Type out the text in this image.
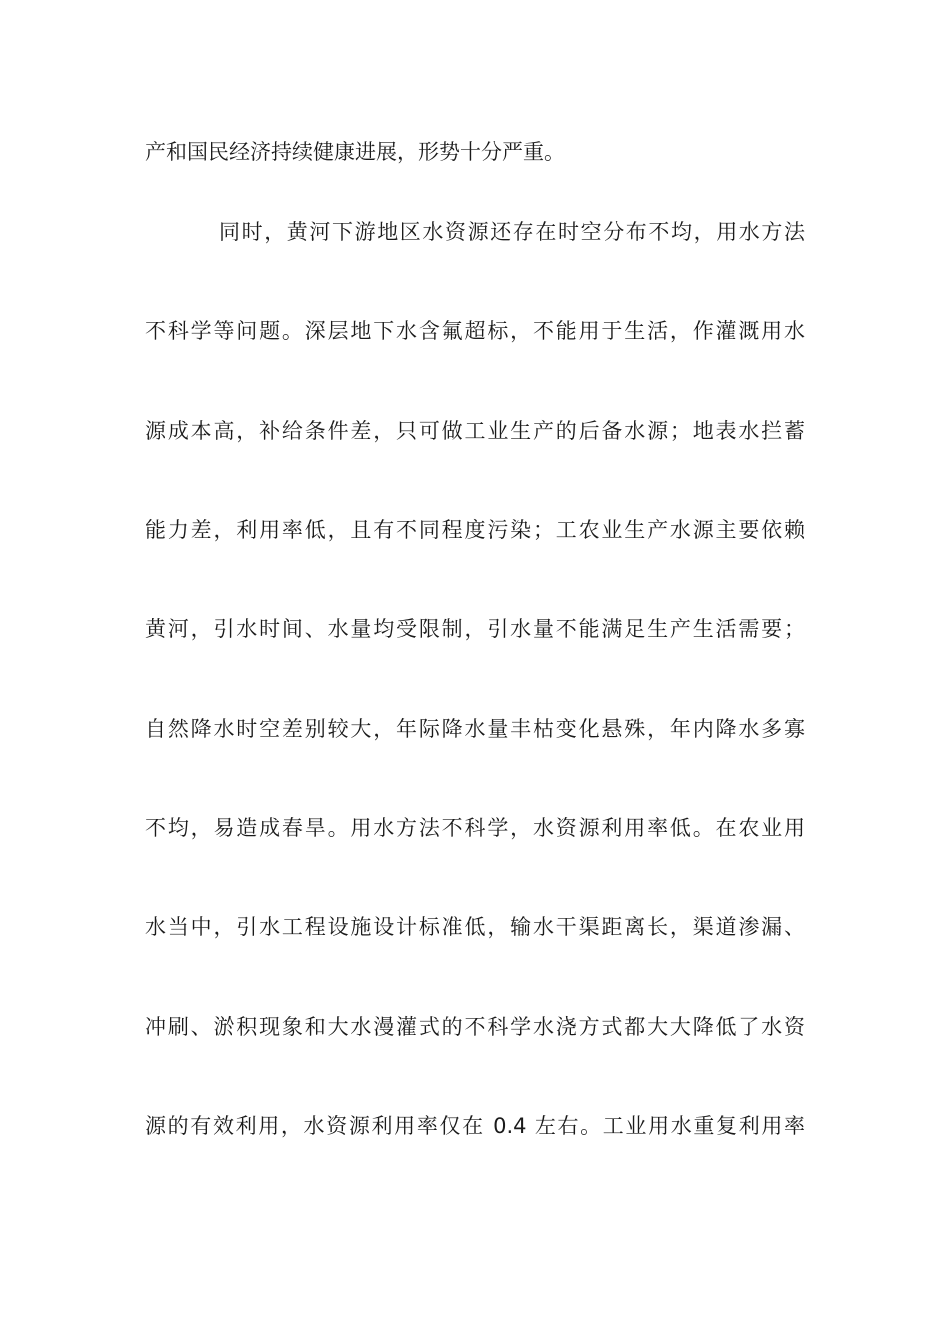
产和国民经济持续健康进展，形势十分严重。
同时，黄河下游地区水资源还存在时空分布不均，用水方法
不科学等问题。深层地下水含氟超标，不能用于生活，作灌溉用水
源成本高，补给条件差，只可做工业生产的后备水源；地表水拦蓄
能力差，利用率低，且有不同程度污染；工农业生产水源主要依赖
黄河，引水时间、水量均受限制，引水量不能满足生产生活需要；
自然降水时空差别较大，年际降水量丰枯变化悬殊，年内降水多寡
不均，易造成春旱。用水方法不科学，水资源利用率低。在农业用
水当中，引水工程设施设计标准低，输水干渠距离长，渠道渗漏、
冲刷、淤积现象和大水漫灌式的不科学水浇方式都大大降低了水资
源的有效利用，水资源利用率仅在 0.4 左右。工业用水重复利用率
